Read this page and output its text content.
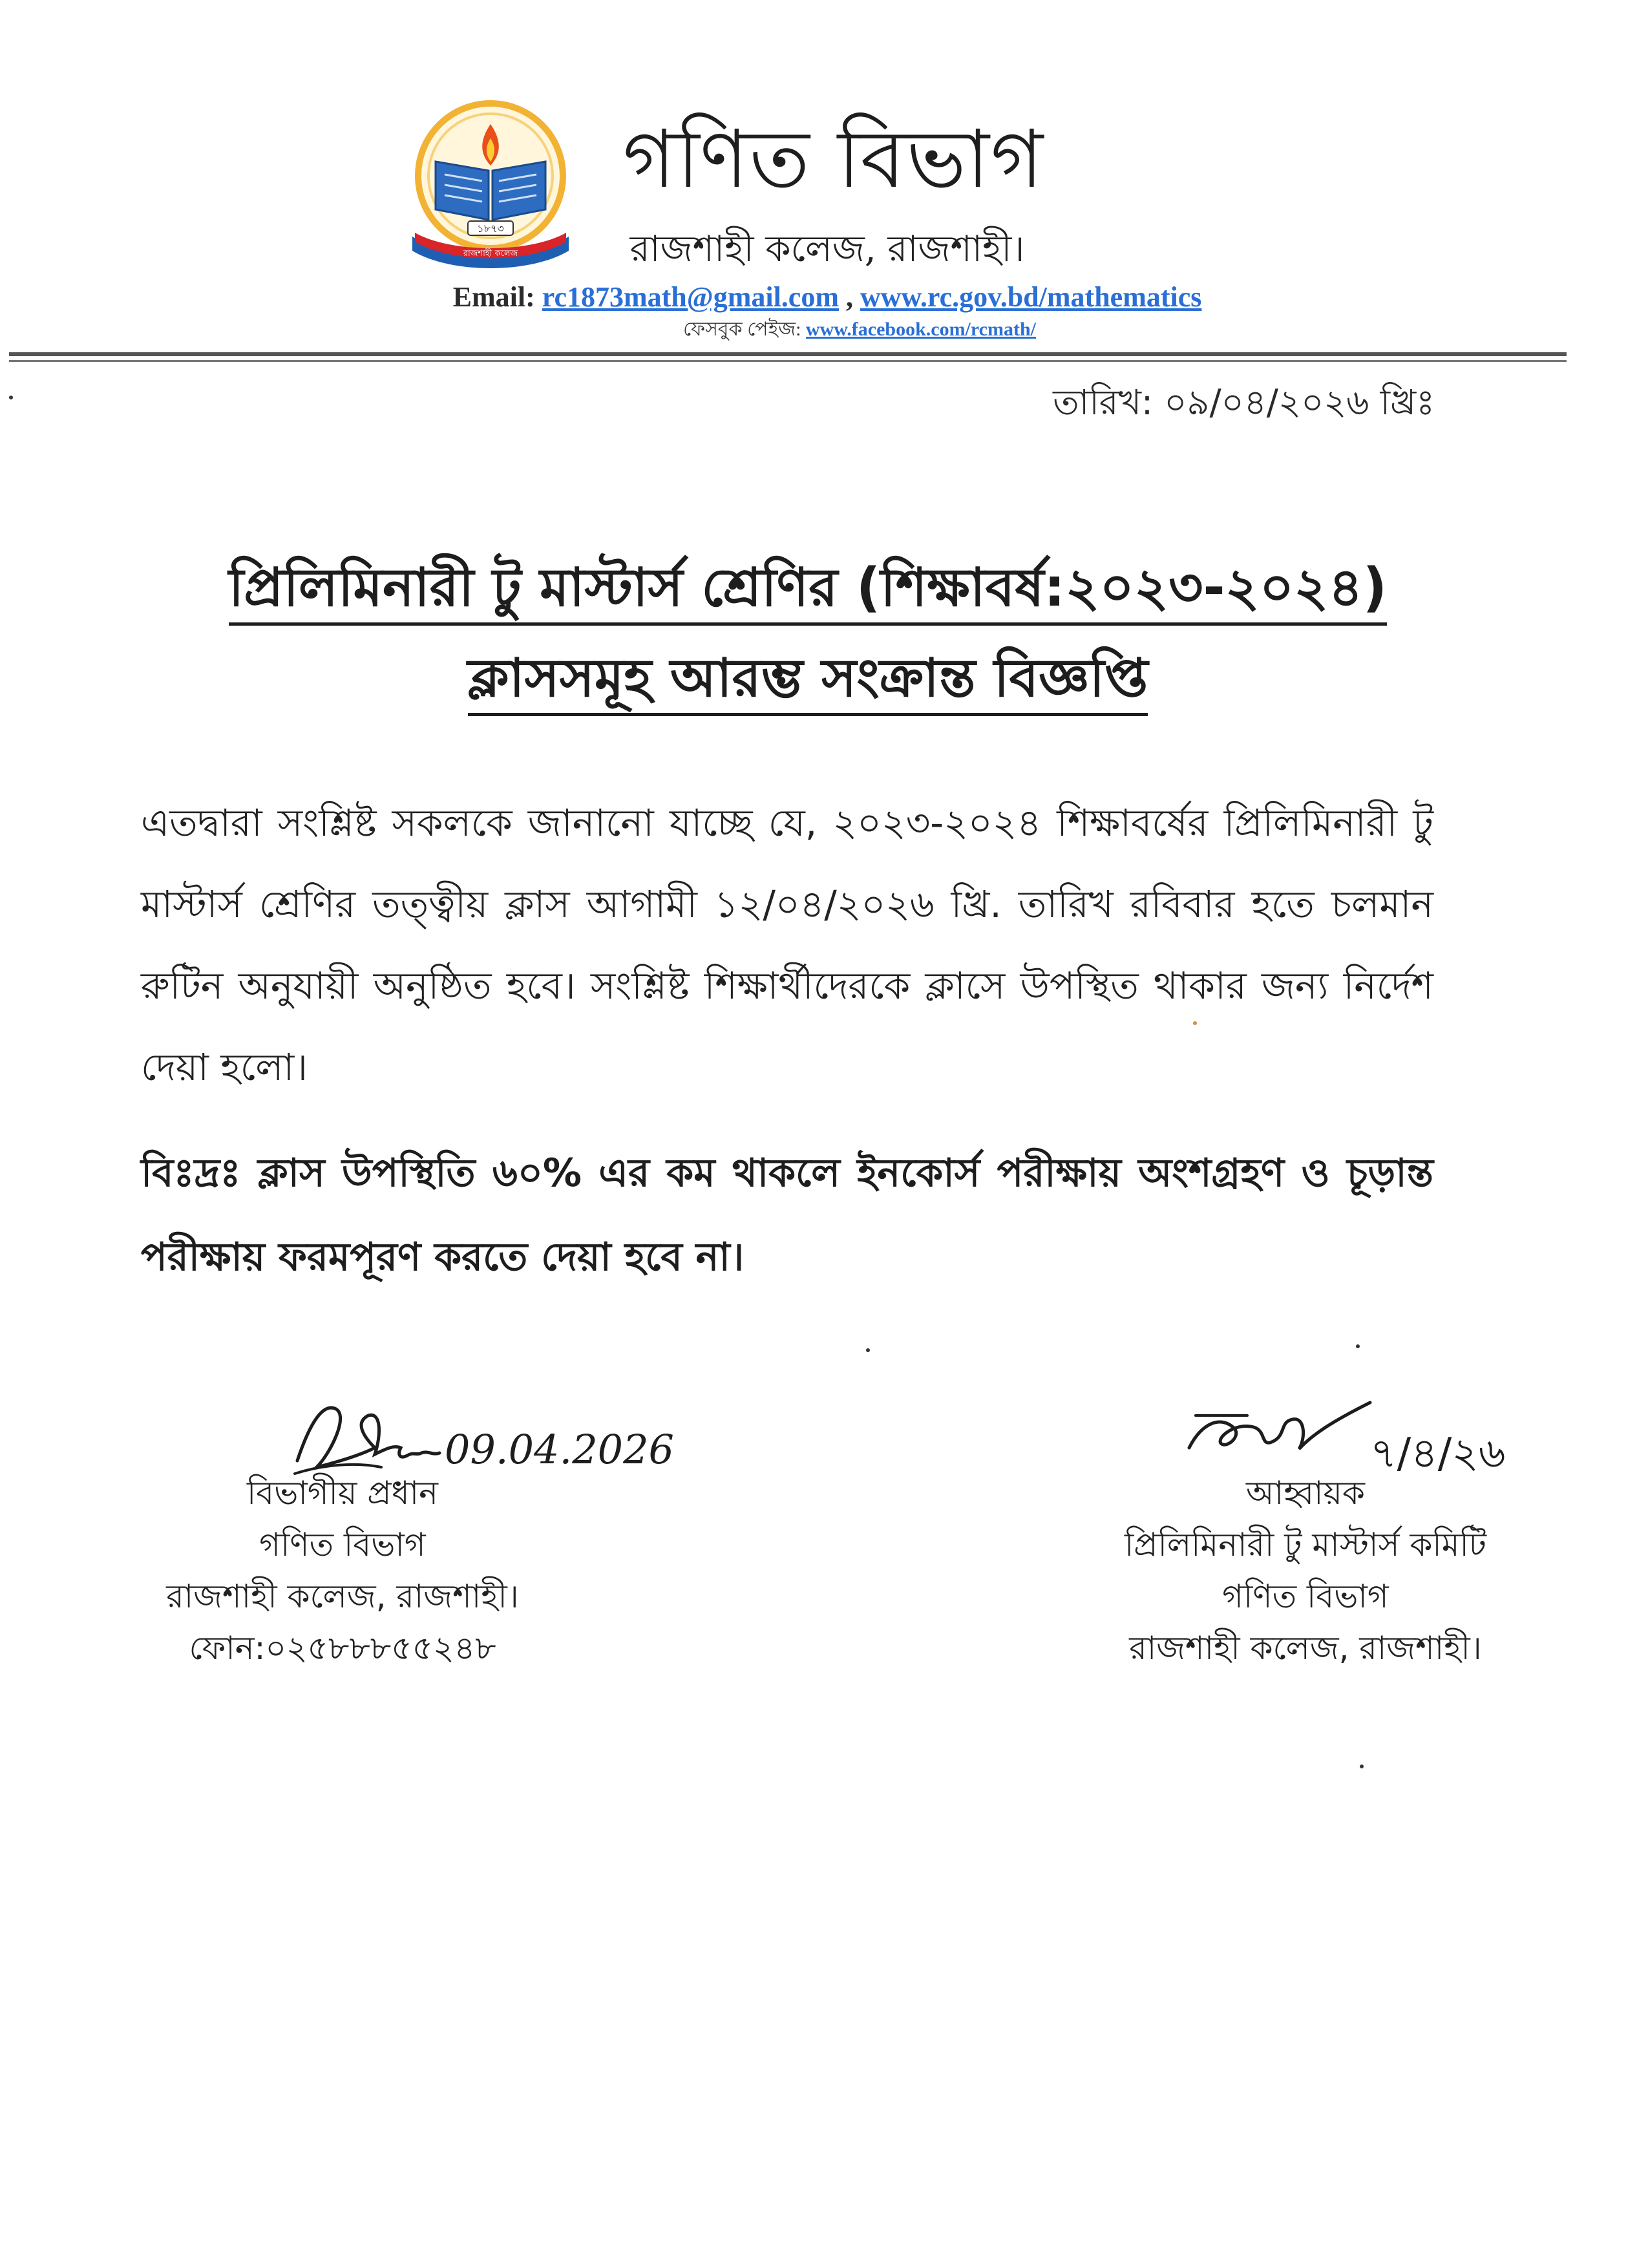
১৮৭৩
রাজশাহী কলেজ
গণিত বিভাগ
রাজশাহী কলেজ, রাজশাহী।
Email: rc1873math@gmail.com , www.rc.gov.bd/mathematics
ফেসবুক পেইজ: www.facebook.com/rcmath/
তারিখ: ০৯/০৪/২০২৬ খ্রিঃ
প্রিলিমিনারী টু মাস্টার্স শ্রেণির (শিক্ষাবর্ষ:২০২৩-২০২৪)
ক্লাসসমূহ আরম্ভ সংক্রান্ত বিজ্ঞপ্তি
এতদ্বারা সংশ্লিষ্ট সকলকে জানানো যাচ্ছে যে, ২০২৩-২০২৪ শিক্ষাবর্ষের প্রিলিমিনারী টু মাস্টার্স শ্রেণির তত্ত্বীয় ক্লাস আগামী ১২/০৪/২০২৬ খ্রি. তারিখ রবিবার হতে চলমান রুটিন অনুযায়ী অনুষ্ঠিত হবে। সংশ্লিষ্ট শিক্ষার্থীদেরকে ক্লাসে উপস্থিত থাকার জন্য নির্দেশ দেয়া হলো।
বিঃদ্রঃ ক্লাস উপস্থিতি ৬০% এর কম থাকলে ইনকোর্স পরীক্ষায় অংশগ্রহণ ও চূড়ান্ত পরীক্ষায় ফরমপূরণ করতে দেয়া হবে না।
09.04.2026
বিভাগীয় প্রধান
গণিত বিভাগ
রাজশাহী কলেজ, রাজশাহী।
ফোন:০২৫৮৮৮৫৫২৪৮
৭/৪/২৬
আহ্বায়ক
প্রিলিমিনারী টু মাস্টার্স কমিটি
গণিত বিভাগ
রাজশাহী কলেজ, রাজশাহী।
